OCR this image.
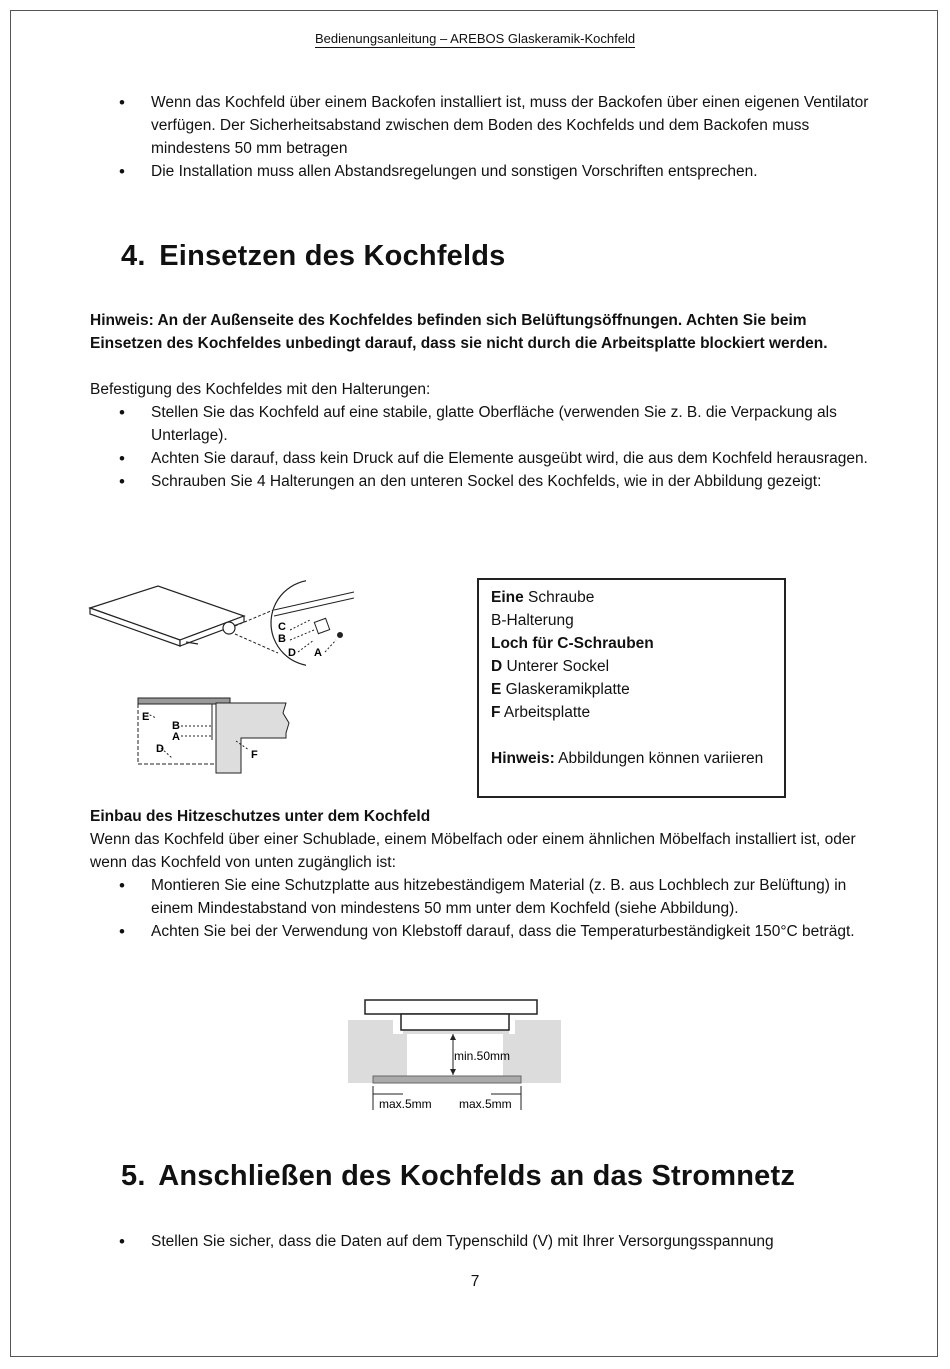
Bedienungsanleitung – AREBOS Glaskeramik-Kochfeld
• Wenn das Kochfeld über einem Backofen installiert ist, muss der Backofen über einen eigenen Ventilator verfügen. Der Sicherheitsabstand zwischen dem Boden des Kochfelds und dem Backofen muss mindestens 50 mm betragen
• Die Installation muss allen Abstandsregelungen und sonstigen Vorschriften entsprechen.
4. Einsetzen des Kochfelds
Hinweis: An der Außenseite des Kochfeldes befinden sich Belüftungsöffnungen. Achten Sie beim Einsetzen des Kochfeldes unbedingt darauf, dass sie nicht durch die Arbeitsplatte blockiert werden.
Befestigung des Kochfeldes mit den Halterungen:
• Stellen Sie das Kochfeld auf eine stabile, glatte Oberfläche (verwenden Sie z. B. die Verpackung als Unterlage).
• Achten Sie darauf, dass kein Druck auf die Elemente ausgeübt wird, die aus dem Kochfeld herausragen.
• Schrauben Sie 4 Halterungen an den unteren Sockel des Kochfelds, wie in der Abbildung gezeigt:
E
B
A
D	F
C
B
D A
Eine Schraube
B-Halterung
Loch für C-Schrauben
D Unterer Sockel
E Glaskeramikplatte
F Arbeitsplatte
Hinweis: Abbildungen können variieren
Einbau des Hitzeschutzes unter dem Kochfeld
Wenn das Kochfeld über einer Schublade, einem Möbelfach oder einem ähnlichen Möbelfach installiert ist, oder wenn das Kochfeld von unten zugänglich ist:
• Montieren Sie eine Schutzplatte aus hitzebeständigem Material (z. B. aus Lochblech zur Belüftung) in einem Mindestabstand von mindestens 50 mm unter dem Kochfeld (siehe Abbildung).
• Achten Sie bei der Verwendung von Klebstoff darauf, dass die Temperaturbeständigkeit 150°C beträgt.
min.50mm
max.5mm max.5mm
5. Anschließen des Kochfelds an das Stromnetz
• Stellen Sie sicher, dass die Daten auf dem Typenschild (V) mit Ihrer Versorgungsspannung
7
